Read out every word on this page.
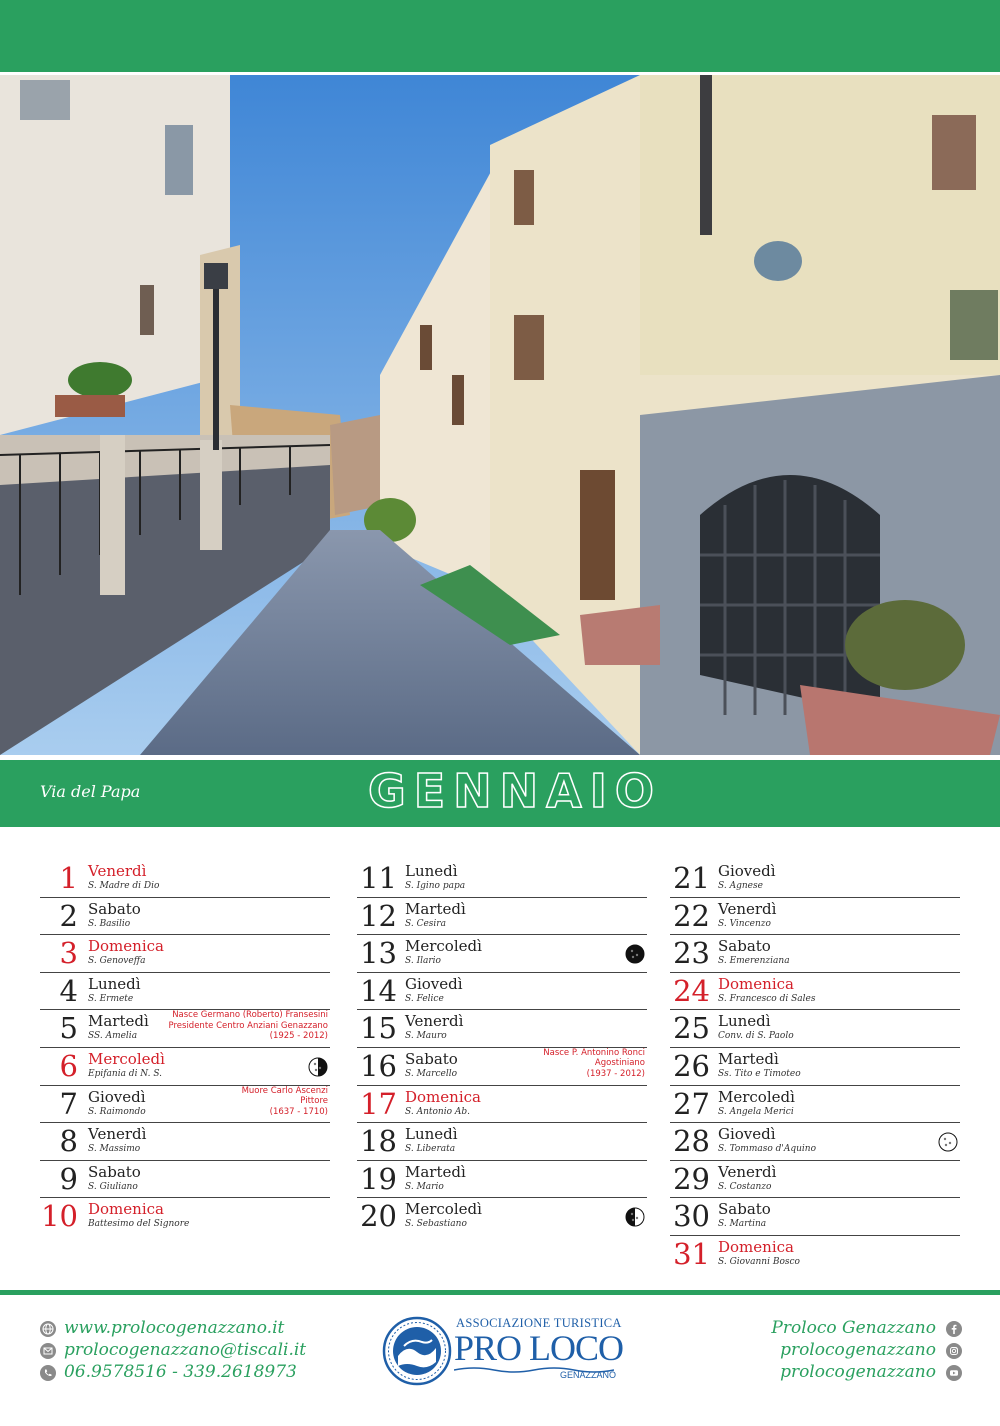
Via del Papa	GENNAIO
1 Venerdì
S. Madre di Dio
2 Sabato
S. Basilio
3 Domenica
S. Genoveffa
4 Lunedì
S. Ermete
5 Martedì
SS. Amelia
Nasce Germano (Roberto) Fransesini
Presidente Centro Anziani Genazzano
(1925 - 2012)
6 Mercoledì
Epifania di N. S.
7 Giovedì
S. Raimondo
Muore Carlo Ascenzi
Pittore
(1637 - 1710)
8 Venerdì
S. Massimo
9 Sabato
S. Giuliano
10 Domenica
Battesimo del Signore
11 Lunedì
S. Igino papa
12 Martedì
S. Cesira
13 Mercoledì
S. Ilario
14 Giovedì
S. Felice
15 Venerdì
S. Mauro
16 Sabato
S. Marcello
Nasce P. Antonino Ronci
Agostiniano
(1937 - 2012)
17 Domenica
S. Antonio Ab.
18 Lunedì
S. Liberata
19 Martedì
S. Mario
20 Mercoledì
S. Sebastiano
21 Giovedì
S. Agnese
22 Venerdì
S. Vincenzo
23 Sabato
S. Emerenziana
24 Domenica
S. Francesco di Sales
25 Lunedì
Conv. di S. Paolo
26 Martedì
Ss. Tito e Timoteo
27 Mercoledì
S. Angela Merici
28 Giovedì
S. Tommaso d'Aquino
29 Venerdì
S. Costanzo
30 Sabato
S. Martina
31 Domenica
S. Giovanni Bosco
www.prolocogenazzano.it
prolocogenazzano@tiscali.it
06.9578516 - 339.2618973
ASSOCIAZIONE TURISTICA
PRO LOCO
GENAZZANO
Proloco Genazzano
prolocogenazzano
prolocogenazzano
